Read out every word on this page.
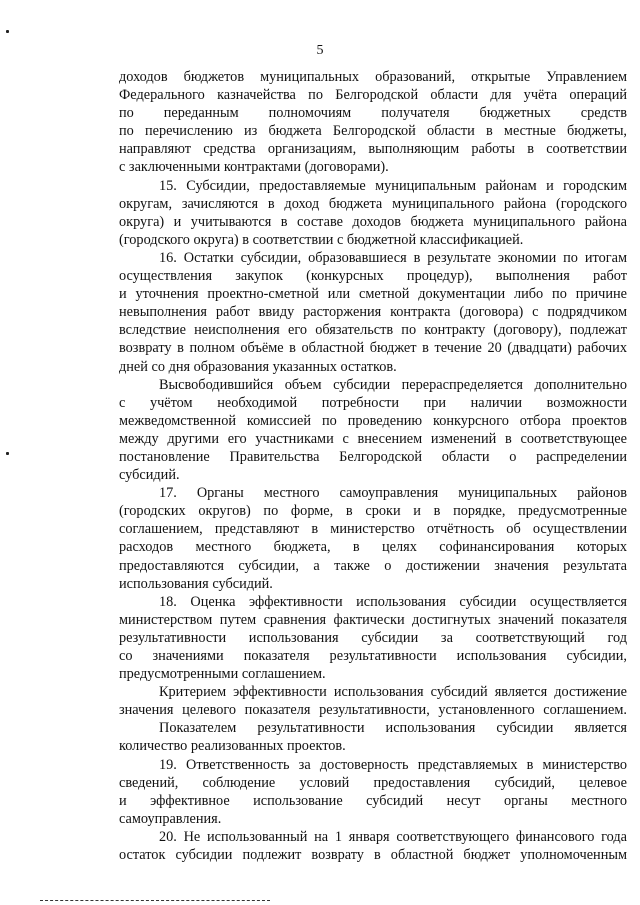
5
доходов бюджетов муниципальных образований, открытые Управлением
Федерального казначейства по Белгородской области для учёта операций
по переданным полномочиям получателя бюджетных средств
по перечислению из бюджета Белгородской области в местные бюджеты,
направляют средства организациям, выполняющим работы в соответствии
с заключенными контрактами (договорами).
15. Субсидии, предоставляемые муниципальным районам и городским
округам, зачисляются в доход бюджета муниципального района (городского
округа) и учитываются в составе доходов бюджета муниципального района
(городского округа) в соответствии с бюджетной классификацией.
16. Остатки субсидии, образовавшиеся в результате экономии по итогам
осуществления закупок (конкурсных процедур), выполнения работ
и уточнения проектно-сметной или сметной документации либо по причине
невыполнения работ ввиду расторжения контракта (договора) с подрядчиком
вследствие неисполнения его обязательств по контракту (договору), подлежат
возврату в полном объёме в областной бюджет в течение 20 (двадцати) рабочих
дней со дня образования указанных остатков.
Высвободившийся объем субсидии перераспределяется дополнительно
с учётом необходимой потребности при наличии возможности
межведомственной комиссией по проведению конкурсного отбора проектов
между другими его участниками с внесением изменений в соответствующее
постановление Правительства Белгородской области о распределении
субсидий.
17. Органы местного самоуправления муниципальных районов
(городских округов) по форме, в сроки и в порядке, предусмотренные
соглашением, представляют в министерство отчётность об осуществлении
расходов местного бюджета, в целях софинансирования которых
предоставляются субсидии, а также о достижении значения результата
использования субсидий.
18. Оценка эффективности использования субсидии осуществляется
министерством путем сравнения фактически достигнутых значений показателя
результативности использования субсидии за соответствующий год
со значениями показателя результативности использования субсидии,
предусмотренными соглашением.
Критерием эффективности использования субсидий является достижение
значения целевого показателя результативности, установленного соглашением.
Показателем результативности использования субсидии является
количество реализованных проектов.
19. Ответственность за достоверность представляемых в министерство
сведений, соблюдение условий предоставления субсидий, целевое
и эффективное использование субсидий несут органы местного
самоуправления.
20. Не использованный на 1 января соответствующего финансового года
остаток субсидии подлежит возврату в областной бюджет уполномоченным
